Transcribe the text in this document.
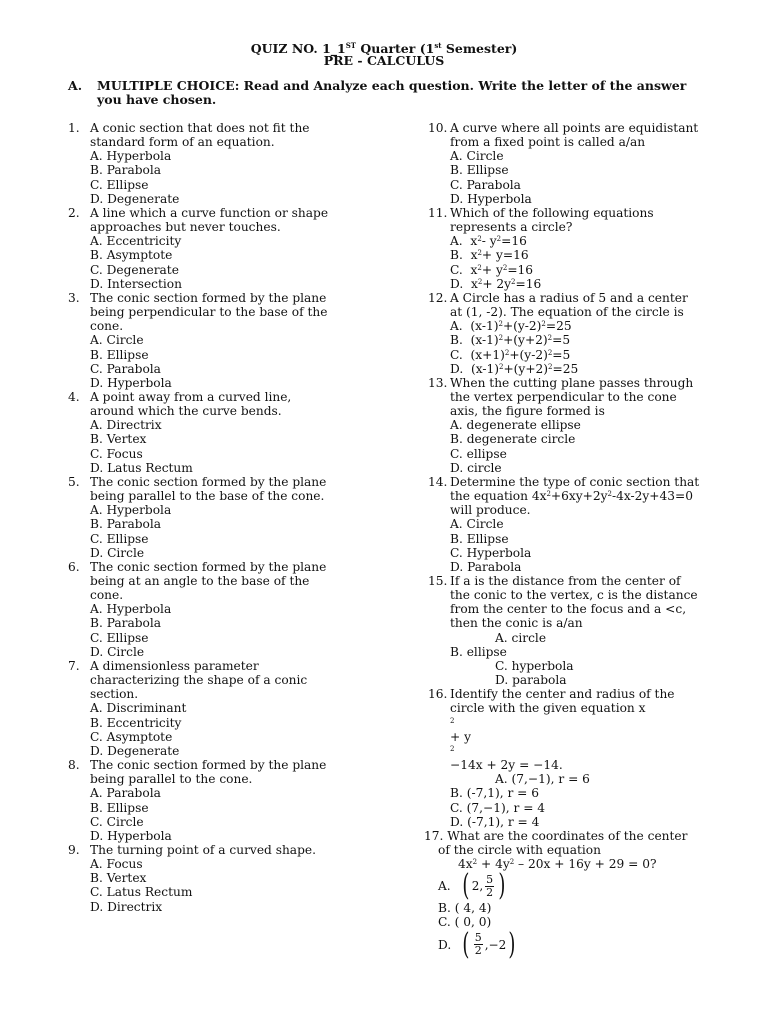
QUIZ NO. 1_1ST Quarter (1st Semester)
PRE - CALCULUS
A. MULTIPLE CHOICE: Read and Analyze each question. Write the letter of the answer
you have chosen.
1. A conic section that does not fit the
standard form of an equation.
A. Hyperbola
B. Parabola
C. Ellipse
D. Degenerate
2. A line which a curve function or shape
approaches but never touches.
A. Eccentricity
B. Asymptote
C. Degenerate
D. Intersection
3. The conic section formed by the plane
being perpendicular to the base of the
cone.
A. Circle
B. Ellipse
C. Parabola
D. Hyperbola
4. A point away from a curved line,
around which the curve bends.
A. Directrix
B. Vertex
C. Focus
D. Latus Rectum
5. The conic section formed by the plane
being parallel to the base of the cone.
A. Hyperbola
B. Parabola
C. Ellipse
D. Circle
6. The conic section formed by the plane
being at an angle to the base of the
cone.
A. Hyperbola
B. Parabola
C. Ellipse
D. Circle
7. A dimensionless parameter
characterizing the shape of a conic
section.
A. Discriminant
B. Eccentricity
C. Asymptote
D. Degenerate
8. The conic section formed by the plane
being parallel to the cone.
A. Parabola
B. Ellipse
C. Circle
D. Hyperbola
9. The turning point of a curved shape.
A. Focus
B. Vertex
C. Latus Rectum
D. Directrix
10. A curve where all points are equidistant
from a fixed point is called a/an
A. Circle
B. Ellipse
C. Parabola
D. Hyperbola
11. Which of the following equations
represents a circle?
A.  $x^2-$ $y^2=16$
B.  $x^2+ y=16$
C.  $x^2+ y^2=16$
D.  $x^2+ 2y^2=16$
12. A Circle has a radius of 5 and a center
at (1, -2). The equation of the circle is
A.  $(x-1)^2+(y-2)^2=25$
B.  $(x-1)^2+(y+2)^2=5$
C.  $(x+1)^2+(y-2)^2=5$
D.  $(x-1)^2+(y+2)^2=25$
13. When the cutting plane passes through
the vertex perpendicular to the cone
axis, the figure formed is
A. degenerate ellipse
B. degenerate circle
C. ellipse
D. circle
14. Determine the type of conic section that
the equation $4x^2+6xy+2y^2-4x-2y+43=0$
will produce.
A. Circle
B. Ellipse
C. Hyperbola
D. Parabola
15. If a is the distance from the center of
the conic to the vertex, c is the distance
from the center to the focus and a <c,
then the conic is a/an
A. circle
B. ellipse
C. hyperbola
D. parabola
16. Identify the center and radius of the
circle with the given equation x
$^2$
+ y
$^2$
−14x + 2y = −14.
A. (7,−1), r = 6
B. (-7,1), r = 6
C. (7,−1), r = 4
D. (-7,1), r = 4
17. What are the coordinates of the center
of the circle with equation
$4x^2 + 4y^2 - 20x + 16y + 29 = 0$?
A. ( 2, $\frac{5}{2}$ )
B. ( 4, 4)
C. ( 0, 0)
D. ( $\frac{5}{2} ,-2$ )
